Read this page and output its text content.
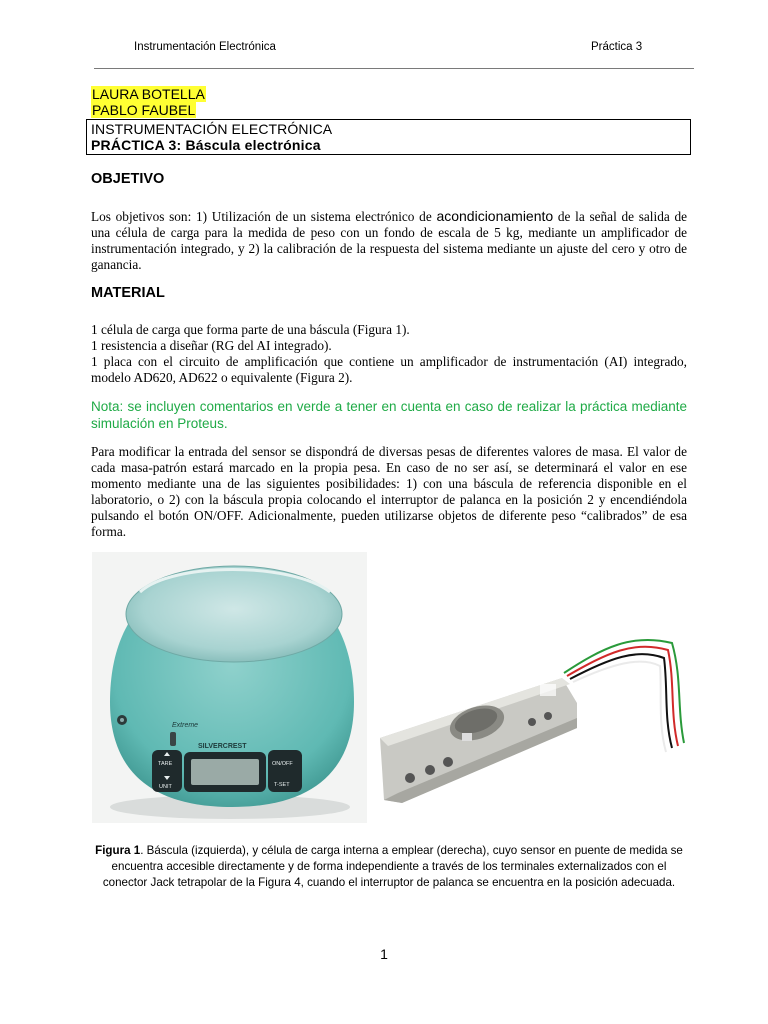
Instrumentación Electrónica	Práctica 3
LAURA BOTELLA
PABLO FAUBEL
INSTRUMENTACIÓN ELECTRÓNICA
PRÁCTICA 3: Báscula electrónica
OBJETIVO
Los objetivos son: 1) Utilización de un sistema electrónico de acondicionamiento de la señal de salida de una célula de carga para la medida de peso con un fondo de escala de 5 kg, mediante un amplificador de instrumentación integrado, y 2) la calibración de la respuesta del sistema mediante un ajuste del cero y otro de ganancia.
MATERIAL
1 célula de carga que forma parte de una báscula (Figura 1).
1 resistencia a diseñar (RG del AI integrado).
1 placa con el circuito de amplificación que contiene un amplificador de instrumentación (AI) integrado, modelo AD620, AD622 o equivalente (Figura 2).
Nota: se incluyen comentarios en verde a tener en cuenta en caso de realizar la práctica mediante simulación en Proteus.
Para modificar la entrada del sensor se dispondrá de diversas pesas de diferentes valores de masa. El valor de cada masa-patrón estará marcado en la propia pesa. En caso de no ser así, se determinará el valor en ese momento mediante una de las siguientes posibilidades: 1) con una báscula de referencia disponible en el laboratorio, o 2) con la báscula propia colocando el interruptor de palanca en la posición 2 y encendiéndola pulsando el botón ON/OFF. Adicionalmente, pueden utilizarse objetos de diferente peso “calibrados” de esa forma.
Extreme
SILVERCREST
ON/OFF
T-SET
TARE
UNIT
Figura 1. Báscula (izquierda), y célula de carga interna a emplear (derecha), cuyo sensor en puente de medida se encuentra accesible directamente y de forma independiente a través de los terminales externalizados con el conector Jack tetrapolar de la Figura 4, cuando el interruptor de palanca se encuentra en la posición adecuada.
1
